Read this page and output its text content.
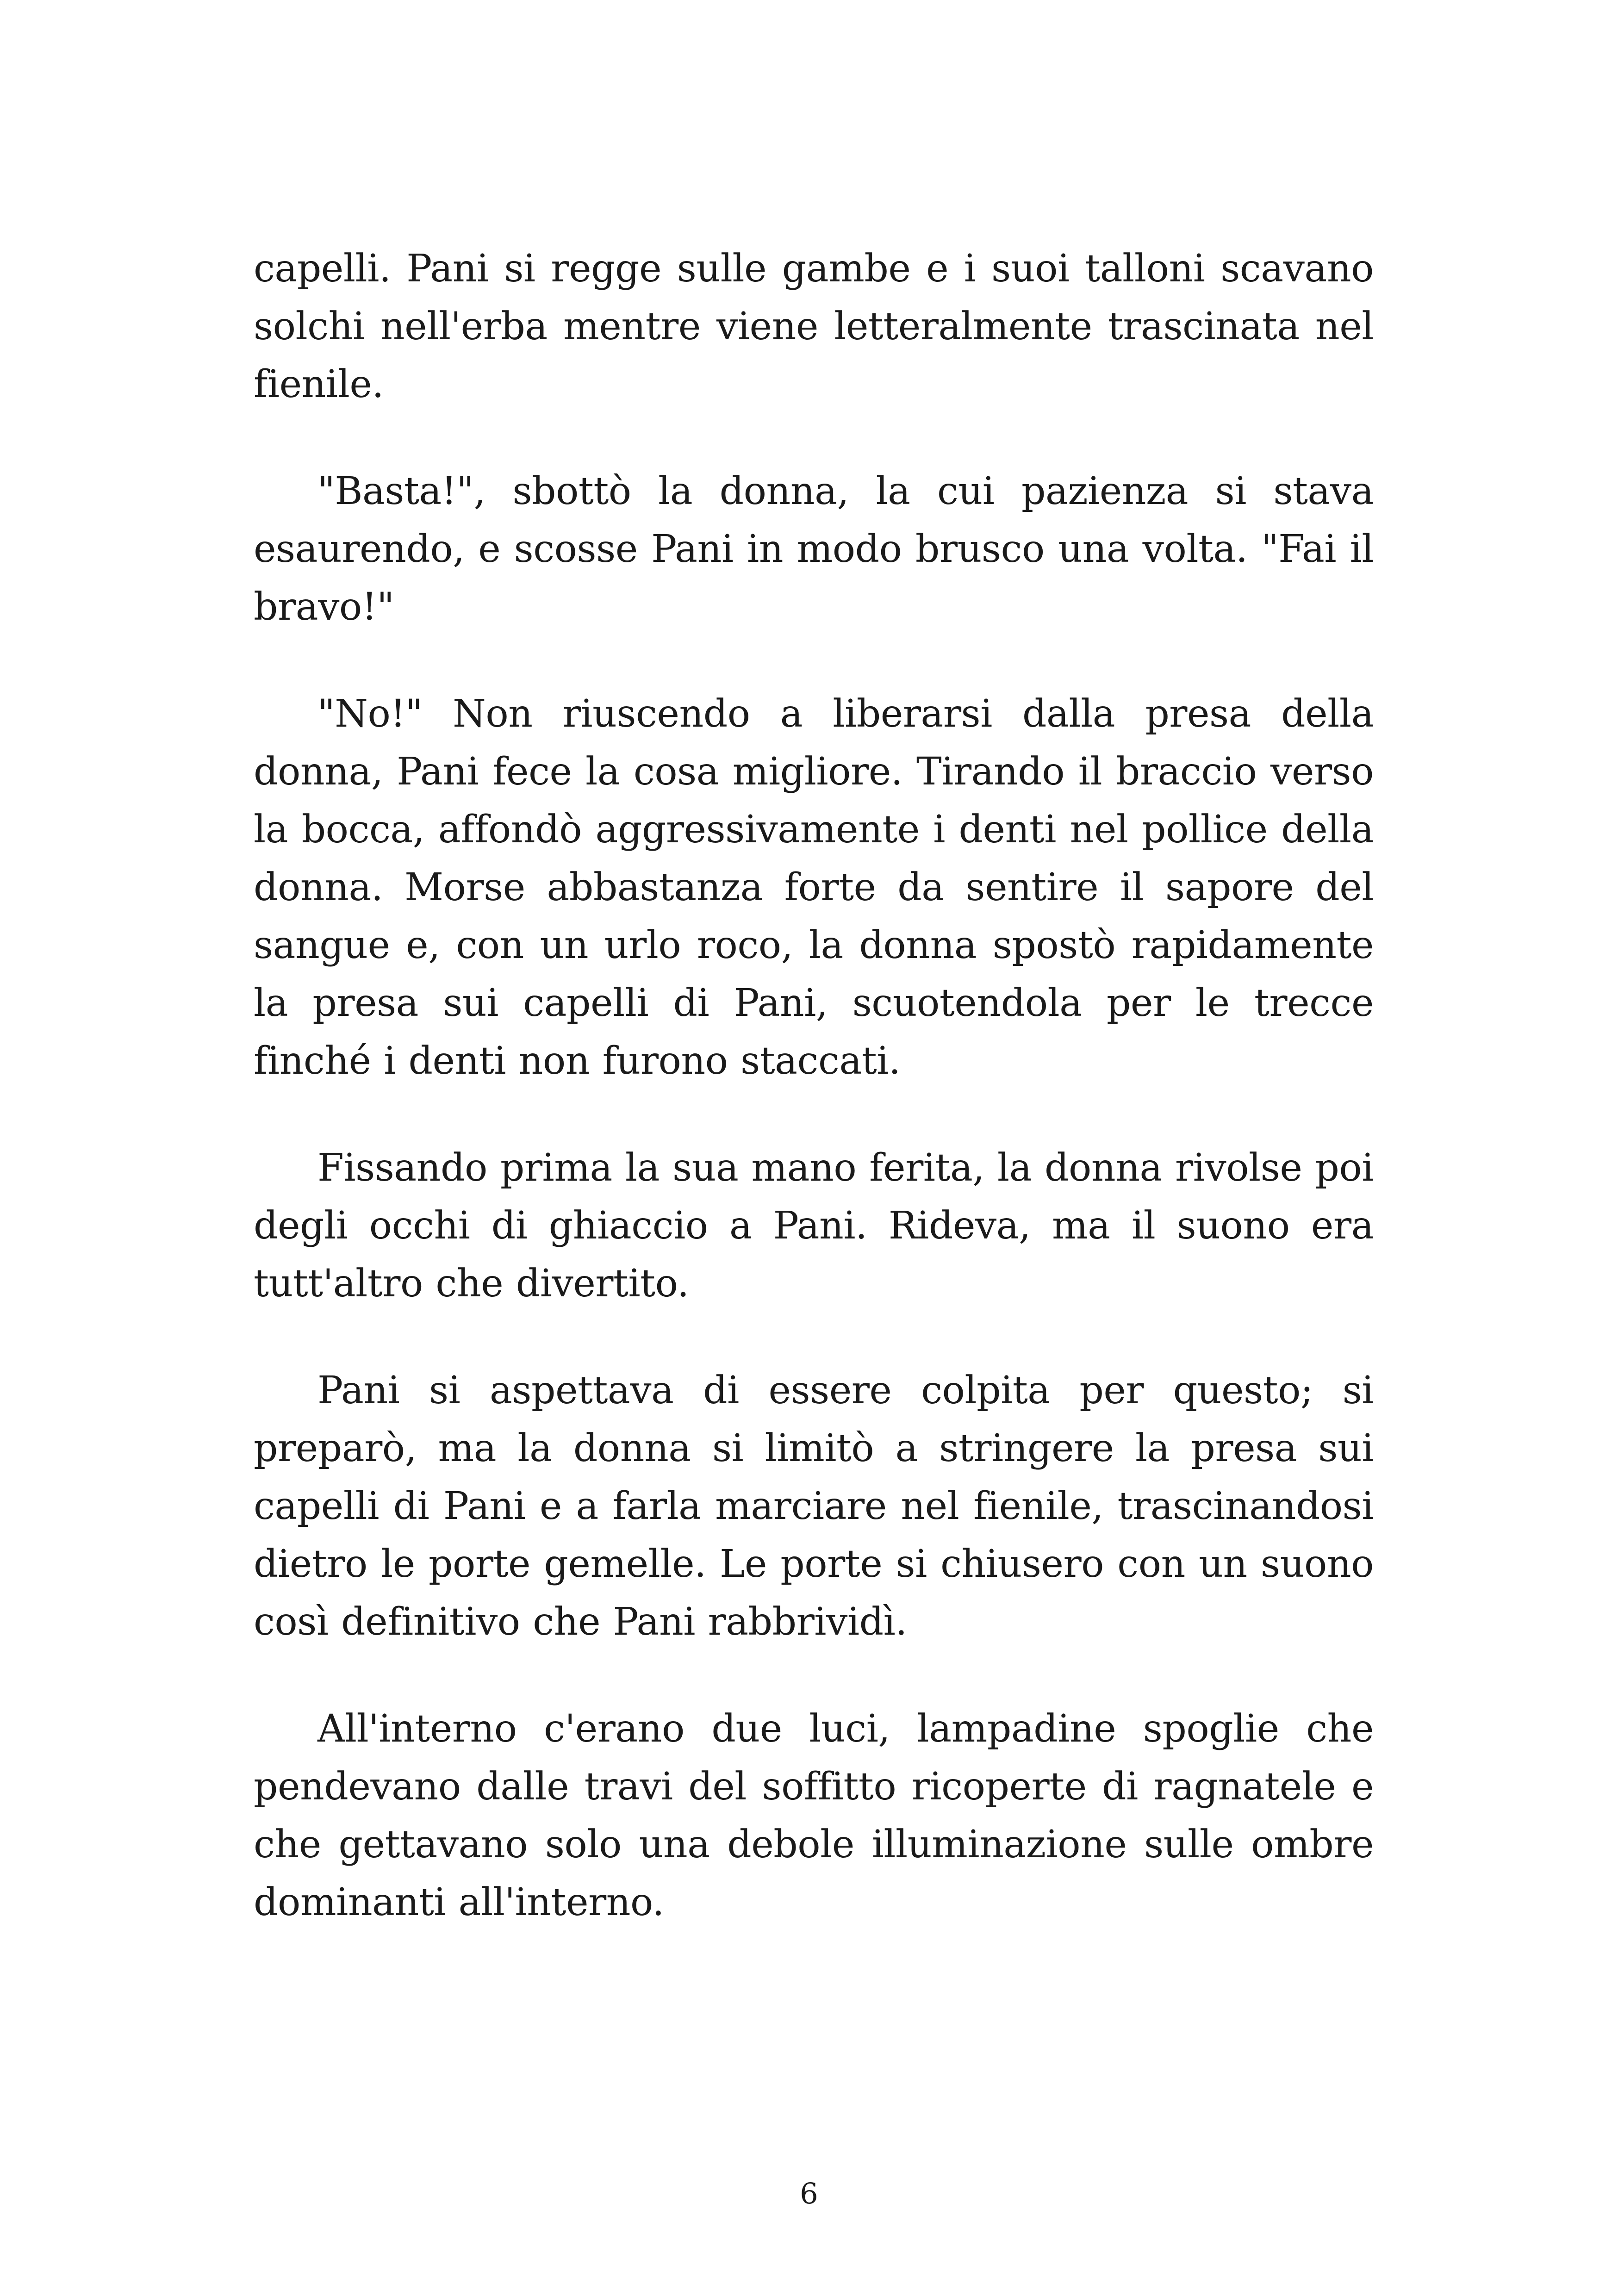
capelli. Pani si regge sulle gambe e i suoi talloni scavano solchi nell'erba mentre viene letteralmente trascinata nel fienile.

"Basta!", sbottò la donna, la cui pazienza si stava esaurendo, e scosse Pani in modo brusco una volta. "Fai il bravo!"

"No!" Non riuscendo a liberarsi dalla presa della donna, Pani fece la cosa migliore. Tirando il braccio verso la bocca, affondò aggressivamente i denti nel pollice della donna. Morse abbastanza forte da sentire il sapore del sangue e, con un urlo roco, la donna spostò rapidamente la presa sui capelli di Pani, scuotendola per le trecce finché i denti non furono staccati.

Fissando prima la sua mano ferita, la donna rivolse poi degli occhi di ghiaccio a Pani. Rideva, ma il suono era tutt'altro che divertito.

Pani si aspettava di essere colpita per questo; si preparò, ma la donna si limitò a stringere la presa sui capelli di Pani e a farla marciare nel fienile, trascinandosi dietro le porte gemelle. Le porte si chiusero con un suono così definitivo che Pani rabbrividì.

All'interno c'erano due luci, lampadine spoglie che pendevano dalle travi del soffitto ricoperte di ragnatele e che gettavano solo una debole illuminazione sulle ombre dominanti all'interno.

6
